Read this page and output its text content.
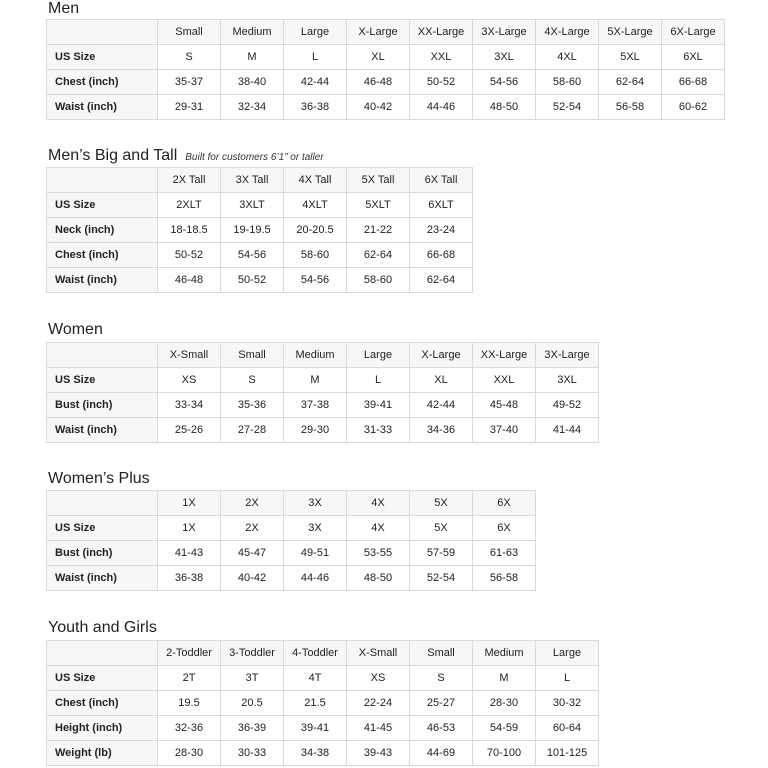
Men
Men’s Big and Tall Built for customers 6’1” or taller
Women
Women’s Plus
Youth and Girls
	Small	Medium	Large	X-Large	XX-Large	3X-Large	4X-Large	5X-Large	6X-Large
US Size	S	M	L	XL	XXL	3XL	4XL	5XL	6XL
Chest (inch)	35-37	38-40	42-44	46-48	50-52	54-56	58-60	62-64	66-68
Waist (inch)	29-31	32-34	36-38	40-42	44-46	48-50	52-54	56-58	60-62
	2X Tall	3X Tall	4X Tall	5X Tall	6X Tall
US Size	2XLT	3XLT	4XLT	5XLT	6XLT
Neck (inch)	18-18.5	19-19.5	20-20.5	21-22	23-24
Chest (inch)	50-52	54-56	58-60	62-64	66-68
Waist (inch)	46-48	50-52	54-56	58-60	62-64
	X-Small	Small	Medium	Large	X-Large	XX-Large	3X-Large
US Size	XS	S	M	L	XL	XXL	3XL
Bust (inch)	33-34	35-36	37-38	39-41	42-44	45-48	49-52
Waist (inch)	25-26	27-28	29-30	31-33	34-36	37-40	41-44
	1X	2X	3X	4X	5X	6X
US Size	1X	2X	3X	4X	5X	6X
Bust (inch)	41-43	45-47	49-51	53-55	57-59	61-63
Waist (inch)	36-38	40-42	44-46	48-50	52-54	56-58
	2-Toddler	3-Toddler	4-Toddler	X-Small	Small	Medium	Large
US Size	2T	3T	4T	XS	S	M	L
Chest (inch)	19.5	20.5	21.5	22-24	25-27	28-30	30-32
Height (inch)	32-36	36-39	39-41	41-45	46-53	54-59	60-64
Weight (lb)	28-30	30-33	34-38	39-43	44-69	70-100	101-125
